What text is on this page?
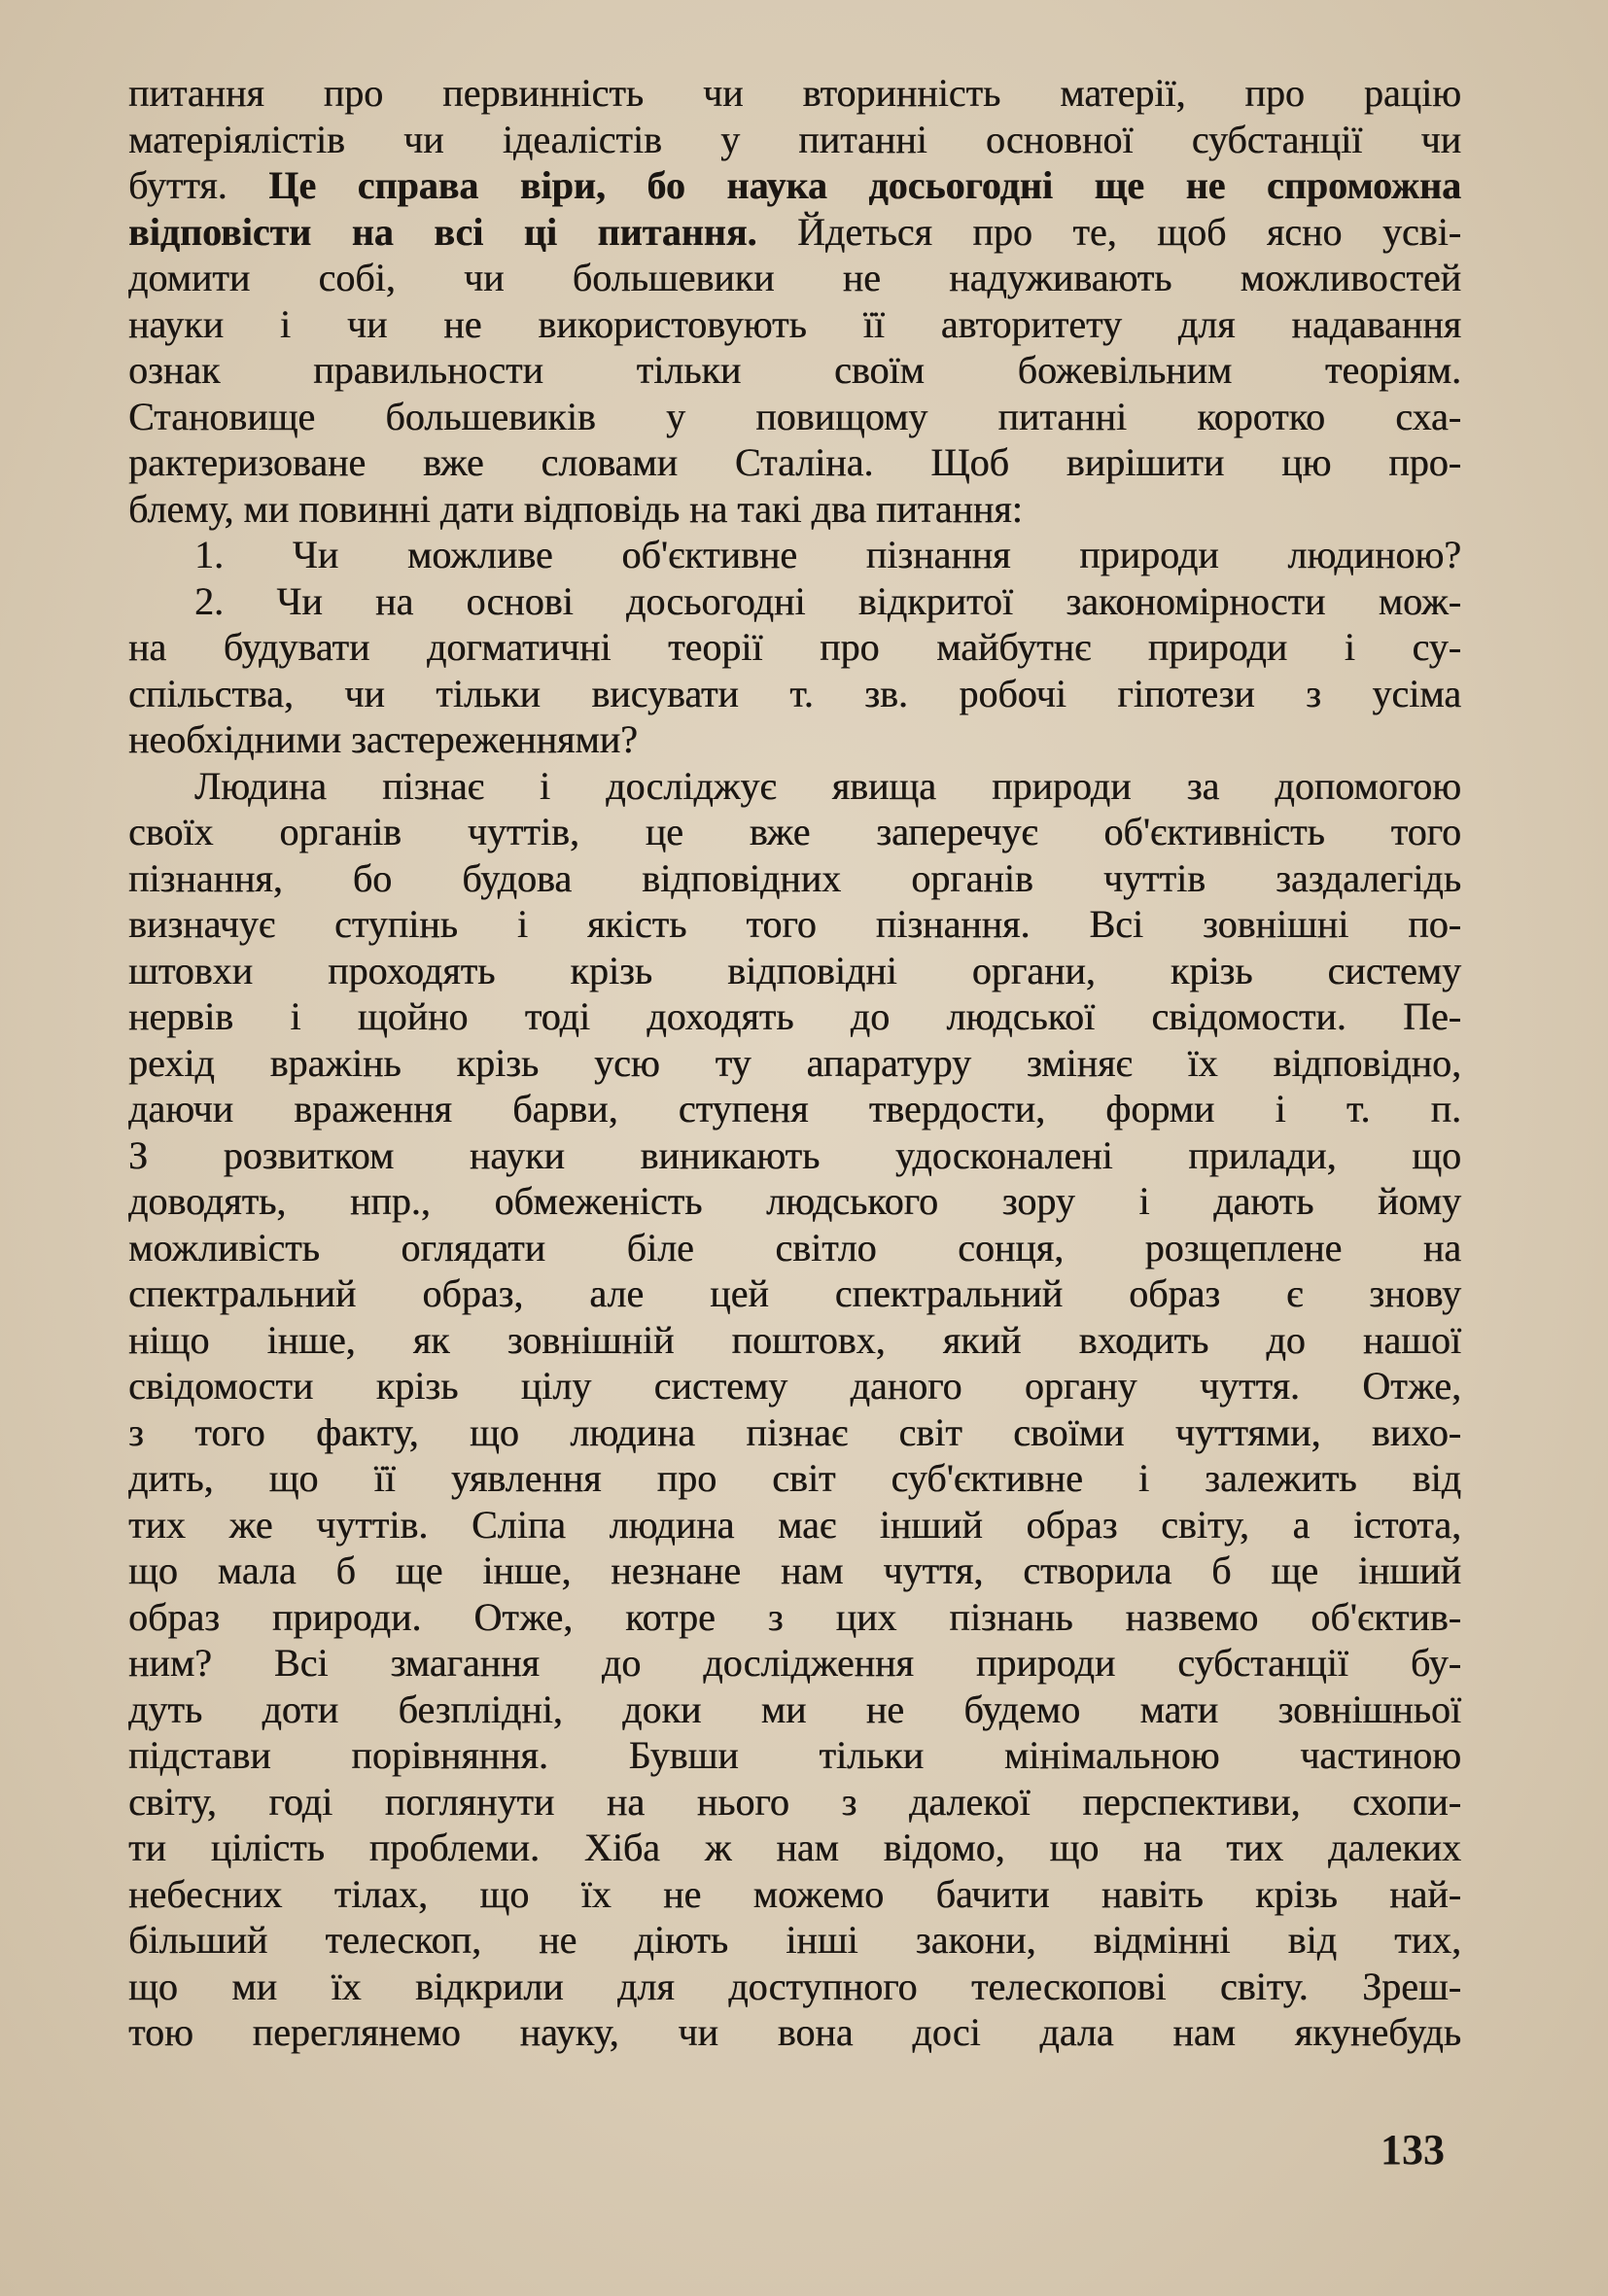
питання про первинність чи вторинність матерії, про рацію
матеріялістів чи ідеалістів у питанні основної субстанції чи
буття. Це справа віри, бо наука досьогодні ще не спроможна
відповісти на всі ці питання. Йдеться про те, щоб ясно усві-
домити собі, чи большевики не надуживають можливостей
науки і чи не використовують її авторитету для надавання
ознак правильности тільки своїм божевільним теоріям.
Становище большевиків у повищому питанні коротко сха-
рактеризоване вже словами Сталіна. Щоб вирішити цю про-
блему, ми повинні дати відповідь на такі два питання:
1. Чи можливе об'єктивне пізнання природи людиною?
2. Чи на основі досьогодні відкритої закономірности мож-
на будувати догматичні теорії про майбутнє природи і су-
спільства, чи тільки висувати т. зв. робочі гіпотези з усіма
необхідними застереженнями?
Людина пізнає і досліджує явища природи за допомогою
своїх органів чуттів, це вже заперечує об'єктивність того
пізнання, бо будова відповідних органів чуттів заздалегідь
визначує ступінь і якість того пізнання. Всі зовнішні по-
штовхи проходять крізь відповідні органи, крізь систему
нервів і щойно тоді доходять до людської свідомости. Пе-
рехід вражінь крізь усю ту апаратуру зміняє їх відповідно,
даючи враження барви, ступеня твердости, форми і т. п.
З розвитком науки виникають удосконалені прилади, що
доводять, нпр., обмеженість людського зору і дають йому
можливість оглядати біле світло сонця, розщеплене на
спектральний образ, але цей спектральний образ є знову
ніщо інше, як зовнішній поштовх, який входить до нашої
свідомости крізь цілу систему даного органу чуття. Отже,
з того факту, що людина пізнає світ своїми чуттями, вихо-
дить, що її уявлення про світ суб'єктивне і залежить від
тих же чуттів. Сліпа людина має інший образ світу, а істота,
що мала б ще інше, незнане нам чуття, створила б ще інший
образ природи. Отже, котре з цих пізнань назвемо об'єктив-
ним? Всі змагання до дослідження природи субстанції бу-
дуть доти безплідні, доки ми не будемо мати зовнішньої
підстави порівняння. Бувши тільки мінімальною частиною
світу, годі поглянути на нього з далекої перспективи, схопи-
ти цілість проблеми. Хіба ж нам відомо, що на тих далеких
небесних тілах, що їх не можемо бачити навіть крізь най-
більший телескоп, не діють інші закони, відмінні від тих,
що ми їх відкрили для доступного телескопові світу. Зреш-
тою переглянемо науку, чи вона досі дала нам якунебудь
133
